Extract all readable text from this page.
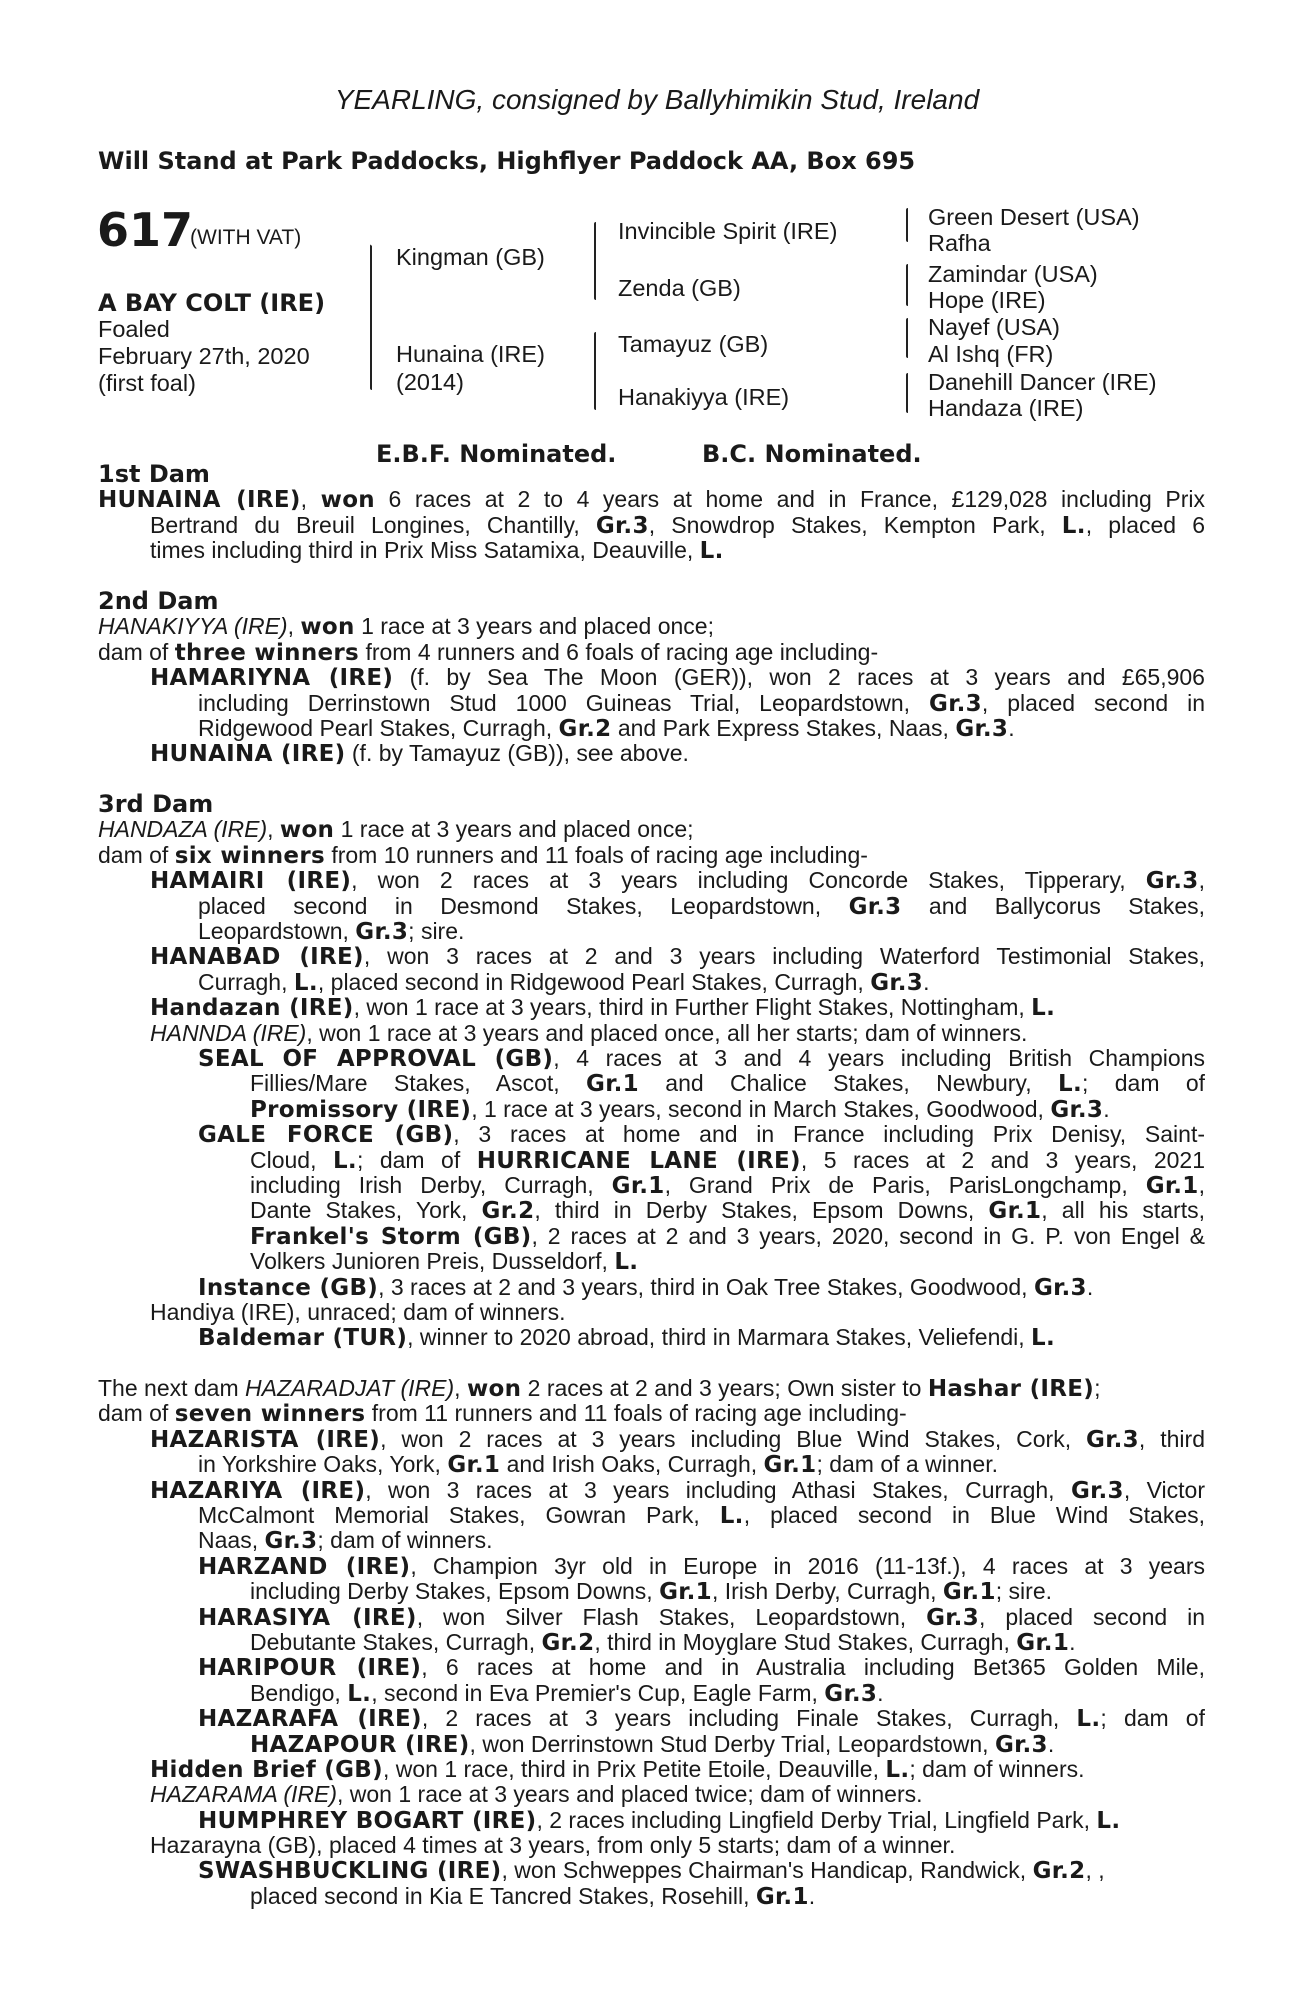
YEARLING, consigned by Ballyhimikin Stud, Ireland
Will Stand at Park Paddocks, Highflyer Paddock AA, Box 695
617
(WITH VAT)
A BAY COLT (IRE)
Foaled
February 27th, 2020
(first foal)
Kingman (GB)
Hunaina (IRE)
(2014)
Invincible Spirit (IRE)
Zenda (GB)
Tamayuz (GB)
Hanakiyya (IRE)
Green Desert (USA)
Rafha
Zamindar (USA)
Hope (IRE)
Nayef (USA)
Al Ishq (FR)
Danehill Dancer (IRE)
Handaza (IRE)
E.B.F. Nominated.	B.C. Nominated.
1st Dam
HUNAINA (IRE), won 6 races at 2 to 4 years at home and in France, £129,028 including Prix
Bertrand du Breuil Longines, Chantilly, Gr.3, Snowdrop Stakes, Kempton Park, L., placed 6
times including third in Prix Miss Satamixa, Deauville, L.
2nd Dam
HANAKIYYA (IRE), won 1 race at 3 years and placed once;
dam of three winners from 4 runners and 6 foals of racing age including-
HAMARIYNA (IRE) (f. by Sea The Moon (GER)), won 2 races at 3 years and £65,906
including Derrinstown Stud 1000 Guineas Trial, Leopardstown, Gr.3, placed second in
Ridgewood Pearl Stakes, Curragh, Gr.2 and Park Express Stakes, Naas, Gr.3.
HUNAINA (IRE) (f. by Tamayuz (GB)), see above.
3rd Dam
HANDAZA (IRE), won 1 race at 3 years and placed once;
dam of six winners from 10 runners and 11 foals of racing age including-
HAMAIRI (IRE), won 2 races at 3 years including Concorde Stakes, Tipperary, Gr.3,
placed second in Desmond Stakes, Leopardstown, Gr.3 and Ballycorus Stakes,
Leopardstown, Gr.3; sire.
HANABAD (IRE), won 3 races at 2 and 3 years including Waterford Testimonial Stakes,
Curragh, L., placed second in Ridgewood Pearl Stakes, Curragh, Gr.3.
Handazan (IRE), won 1 race at 3 years, third in Further Flight Stakes, Nottingham, L.
HANNDA (IRE), won 1 race at 3 years and placed once, all her starts; dam of winners.
SEAL OF APPROVAL (GB), 4 races at 3 and 4 years including British Champions
Fillies/Mare Stakes, Ascot, Gr.1 and Chalice Stakes, Newbury, L.; dam of
Promissory (IRE), 1 race at 3 years, second in March Stakes, Goodwood, Gr.3.
GALE FORCE (GB), 3 races at home and in France including Prix Denisy, Saint-
Cloud, L.; dam of HURRICANE LANE (IRE), 5 races at 2 and 3 years, 2021
including Irish Derby, Curragh, Gr.1, Grand Prix de Paris, ParisLongchamp, Gr.1,
Dante Stakes, York, Gr.2, third in Derby Stakes, Epsom Downs, Gr.1, all his starts,
Frankel's Storm (GB), 2 races at 2 and 3 years, 2020, second in G. P. von Engel &
Volkers Junioren Preis, Dusseldorf, L.
Instance (GB), 3 races at 2 and 3 years, third in Oak Tree Stakes, Goodwood, Gr.3.
Handiya (IRE), unraced; dam of winners.
Baldemar (TUR), winner to 2020 abroad, third in Marmara Stakes, Veliefendi, L.
The next dam HAZARADJAT (IRE), won 2 races at 2 and 3 years; Own sister to Hashar (IRE);
dam of seven winners from 11 runners and 11 foals of racing age including-
HAZARISTA (IRE), won 2 races at 3 years including Blue Wind Stakes, Cork, Gr.3, third
in Yorkshire Oaks, York, Gr.1 and Irish Oaks, Curragh, Gr.1; dam of a winner.
HAZARIYA (IRE), won 3 races at 3 years including Athasi Stakes, Curragh, Gr.3, Victor
McCalmont Memorial Stakes, Gowran Park, L., placed second in Blue Wind Stakes,
Naas, Gr.3; dam of winners.
HARZAND (IRE), Champion 3yr old in Europe in 2016 (11-13f.), 4 races at 3 years
including Derby Stakes, Epsom Downs, Gr.1, Irish Derby, Curragh, Gr.1; sire.
HARASIYA (IRE), won Silver Flash Stakes, Leopardstown, Gr.3, placed second in
Debutante Stakes, Curragh, Gr.2, third in Moyglare Stud Stakes, Curragh, Gr.1.
HARIPOUR (IRE), 6 races at home and in Australia including Bet365 Golden Mile,
Bendigo, L., second in Eva Premier's Cup, Eagle Farm, Gr.3.
HAZARAFA (IRE), 2 races at 3 years including Finale Stakes, Curragh, L.; dam of
HAZAPOUR (IRE), won Derrinstown Stud Derby Trial, Leopardstown, Gr.3.
Hidden Brief (GB), won 1 race, third in Prix Petite Etoile, Deauville, L.; dam of winners.
HAZARAMA (IRE), won 1 race at 3 years and placed twice; dam of winners.
HUMPHREY BOGART (IRE), 2 races including Lingfield Derby Trial, Lingfield Park, L.
Hazarayna (GB), placed 4 times at 3 years, from only 5 starts; dam of a winner.
SWASHBUCKLING (IRE), won Schweppes Chairman's Handicap, Randwick, Gr.2, ,
placed second in Kia E Tancred Stakes, Rosehill, Gr.1.
